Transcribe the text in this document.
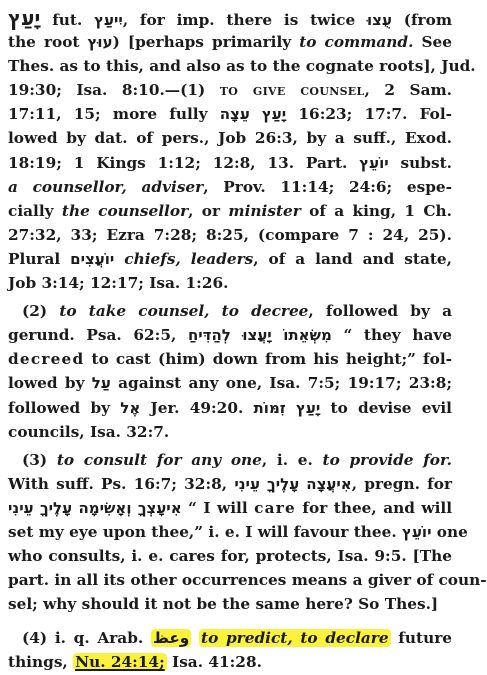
יָעַץ fut. יִיעַץ, for imp. there is twice עֻצוּ (from
the root עוּץ) [perhaps primarily to command. See
Thes. as to this, and also as to the cognate roots], Jud.
19:30; Isa. 8:10.—(1) to give counsel, 2 Sam.
17:11, 15; more fully יָעַץ עֵצָה 16:23; 17:7. Fol-
lowed by dat. of pers., Job 26:3, by a suff., Exod.
18:19; 1 Kings 1:12; 12:8, 13. Part. יוֹעֵץ subst.
a counsellor, adviser, Prov. 11:14; 24:6; espe-
cially the counsellor, or minister of a king, 1 Ch.
27:32, 33; Ezra 7:28; 8:25, (compare 7 : 24, 25).
Plural יוֹעֲצִים chiefs, leaders, of a land and state,
Job 3:14; 12:17; Isa. 1:26.
(2) to take counsel, to decree, followed by a
gerund. Psa. 62:5, מִשְּׂאֵתוֹ יָעֲצוּ לְהַדִּיחַ “ they have
decreed to cast (him) down from his height;” fol-
lowed by עַל against any one, Isa. 7:5; 19:17; 23:8;
followed by אֶל Jer. 49:20. יָעַץ זִמּוֹת to devise evil
councils, Isa. 32:7.
(3) to consult for any one, i. e. to provide for.
With suff. Ps. 16:7; 32:8, אִיעֲצָה עָלֶיךָ עֵינִי, pregn. for
אִיעָצְךָ וְאָשִׂימָה עָלֶיךָ עֵינִי “ I will care for thee, and will
set my eye upon thee,” i. e. I will favour thee. יוֹעֵץ one
who consults, i. e. cares for, protects, Isa. 9:5. [The
part. in all its other occurrences means a giver of coun-
sel; why should it not be the same here? So Thes.]
(4) i. q. Arab. وعظ to predict, to declare future
things, Nu. 24:14; Isa. 41:28.
